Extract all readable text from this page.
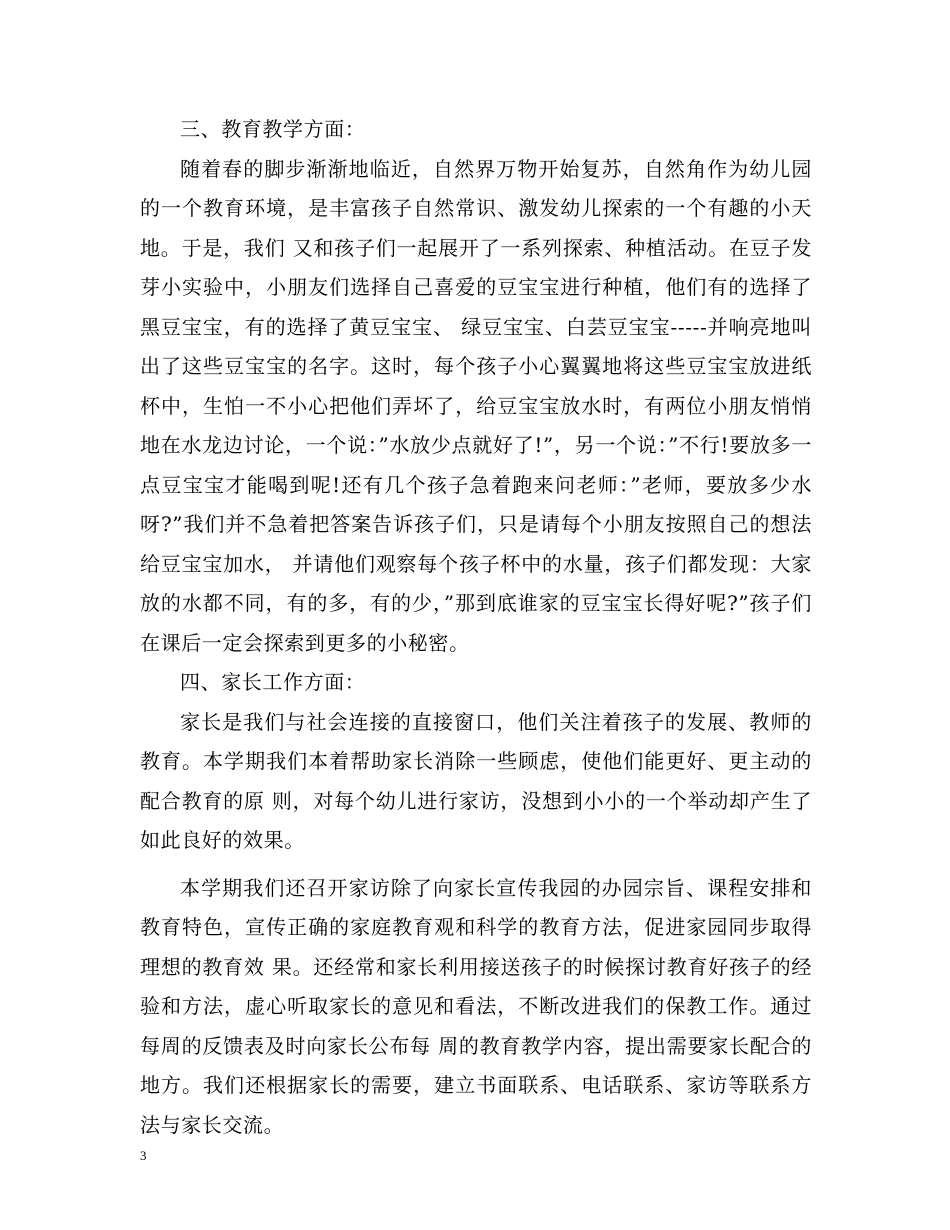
三、教育教学方面：

随着春的脚步渐渐地临近，自然界万物开始复苏，自然角作为幼儿园的一个教育环境，是丰富孩子自然常识、激发幼儿探索的一个有趣的小天地。于是，我们 又和孩子们一起展开了一系列探索、种植活动。在豆子发芽小实验中，小朋友们选择自己喜爱的豆宝宝进行种植，他们有的选择了黑豆宝宝，有的选择了黄豆宝宝、 绿豆宝宝、白芸豆宝宝-----并响亮地叫出了这些豆宝宝的名字。这时，每个孩子小心翼翼地将这些豆宝宝放进纸杯中，生怕一不小心把他们弄坏了，给豆宝宝放水时，有两位小朋友悄悄地在水龙边讨论，一个说：”水放少点就好了!”，另一个说：”不行!要放多一点豆宝宝才能喝到呢!还有几个孩子急着跑来问老师：”老师，要放多少水呀?”我们并不急着把答案告诉孩子们，只是请每个小朋友按照自己的想法给豆宝宝加水， 并请他们观察每个孩子杯中的水量，孩子们都发现：大家放的水都不同，有的多，有的少，”那到底谁家的豆宝宝长得好呢?”孩子们在课后一定会探索到更多的小秘密。

四、家长工作方面：

家长是我们与社会连接的直接窗口，他们关注着孩子的发展、教师的教育。本学期我们本着帮助家长消除一些顾虑，使他们能更好、更主动的配合教育的原 则，对每个幼儿进行家访，没想到小小的一个举动却产生了如此良好的效果。

本学期我们还召开家访除了向家长宣传我园的办园宗旨、课程安排和教育特色，宣传正确的家庭教育观和科学的教育方法，促进家园同步取得理想的教育效 果。还经常和家长利用接送孩子的时候探讨教育好孩子的经验和方法，虚心听取家长的意见和看法，不断改进我们的保教工作。通过每周的反馈表及时向家长公布每 周的教育教学内容，提出需要家长配合的地方。我们还根据家长的需要，建立书面联系、电话联系、家访等联系方法与家长交流。

3
